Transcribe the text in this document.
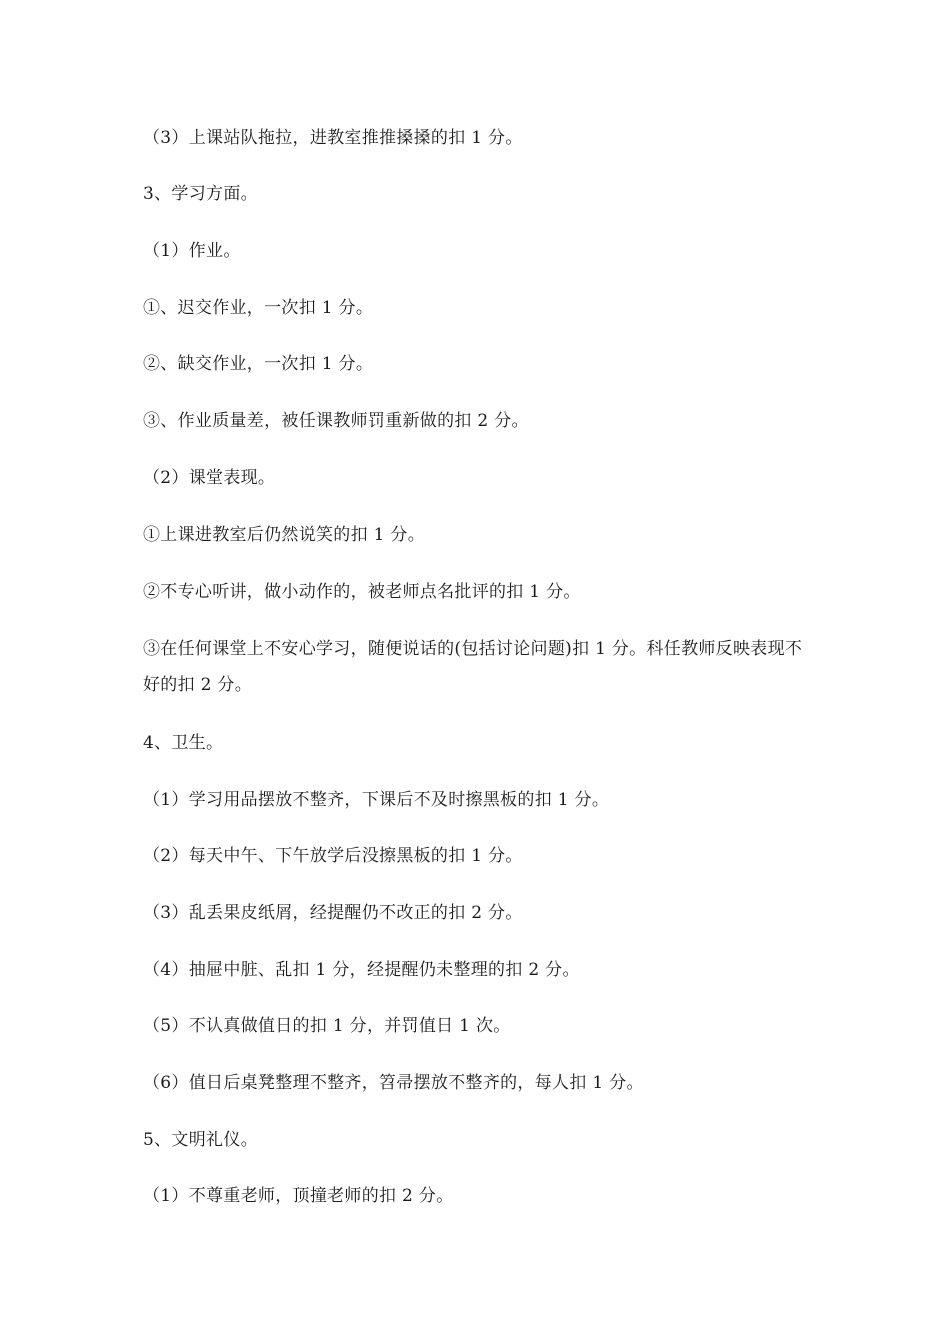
（3）上课站队拖拉，进教室推推搡搡的扣 1 分。
3、学习方面。
（1）作业。
①、迟交作业，一次扣 1 分。
②、缺交作业，一次扣 1 分。
③、作业质量差，被任课教师罚重新做的扣 2 分。
（2）课堂表现。
①上课进教室后仍然说笑的扣 1 分。
②不专心听讲，做小动作的，被老师点名批评的扣 1 分。
③在任何课堂上不安心学习，随便说话的(包括讨论问题)扣 1 分。科任教师反映表现不好的扣 2 分。
4、卫生。
（1）学习用品摆放不整齐，下课后不及时擦黑板的扣 1 分。
（2）每天中午、下午放学后没擦黑板的扣 1 分。
（3）乱丢果皮纸屑，经提醒仍不改正的扣 2 分。
（4）抽屉中脏、乱扣 1 分，经提醒仍未整理的扣 2 分。
（5）不认真做值日的扣 1 分，并罚值日 1 次。
（6）值日后桌凳整理不整齐，笤帚摆放不整齐的，每人扣 1 分。
5、文明礼仪。
（1）不尊重老师，顶撞老师的扣 2 分。
